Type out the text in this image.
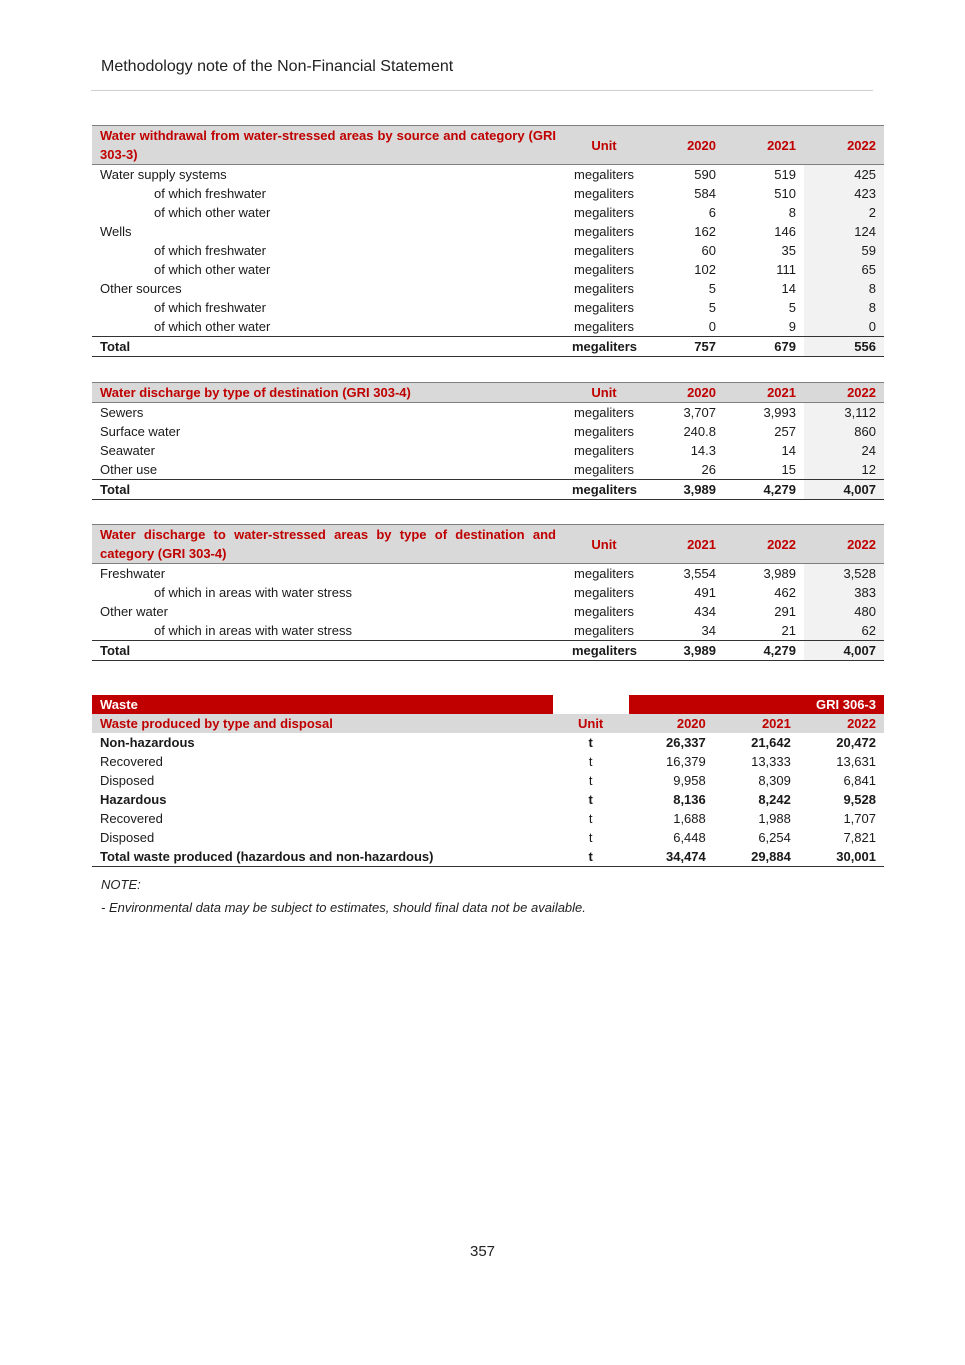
Methodology note of the Non-Financial Statement
Water withdrawal from water-stressed areas by source and category (GRI 303-3)	Unit	2020	2021	2022
Water supply systems	megaliters	590	519	425
of which freshwater	megaliters	584	510	423
of which other water	megaliters	6	8	2
Wells	megaliters	162	146	124
of which freshwater	megaliters	60	35	59
of which other water	megaliters	102	111	65
Other sources	megaliters	5	14	8
of which freshwater	megaliters	5	5	8
of which other water	megaliters	0	9	0
Total	megaliters	757	679	556
Water discharge by type of destination (GRI 303-4)	Unit	2020	2021	2022
Sewers	megaliters	3,707	3,993	3,112
Surface water	megaliters	240.8	257	860
Seawater	megaliters	14.3	14	24
Other use	megaliters	26	15	12
Total	megaliters	3,989	4,279	4,007
Water discharge to water-stressed areas by type of destination and category (GRI 303-4)	Unit	2021	2022	2022
Freshwater	megaliters	3,554	3,989	3,528
of which in areas with water stress	megaliters	491	462	383
Other water	megaliters	434	291	480
of which in areas with water stress	megaliters	34	21	62
Total	megaliters	3,989	4,279	4,007
Waste				GRI 306-3
Waste produced by type and disposal	Unit	2020	2021	2022
Non-hazardous	t	26,337	21,642	20,472
Recovered	t	16,379	13,333	13,631
Disposed	t	9,958	8,309	6,841
Hazardous	t	8,136	8,242	9,528
Recovered	t	1,688	1,988	1,707
Disposed	t	6,448	6,254	7,821
Total waste produced (hazardous and non-hazardous)	t	34,474	29,884	30,001
NOTE:
- Environmental data may be subject to estimates, should final data not be available.
357
